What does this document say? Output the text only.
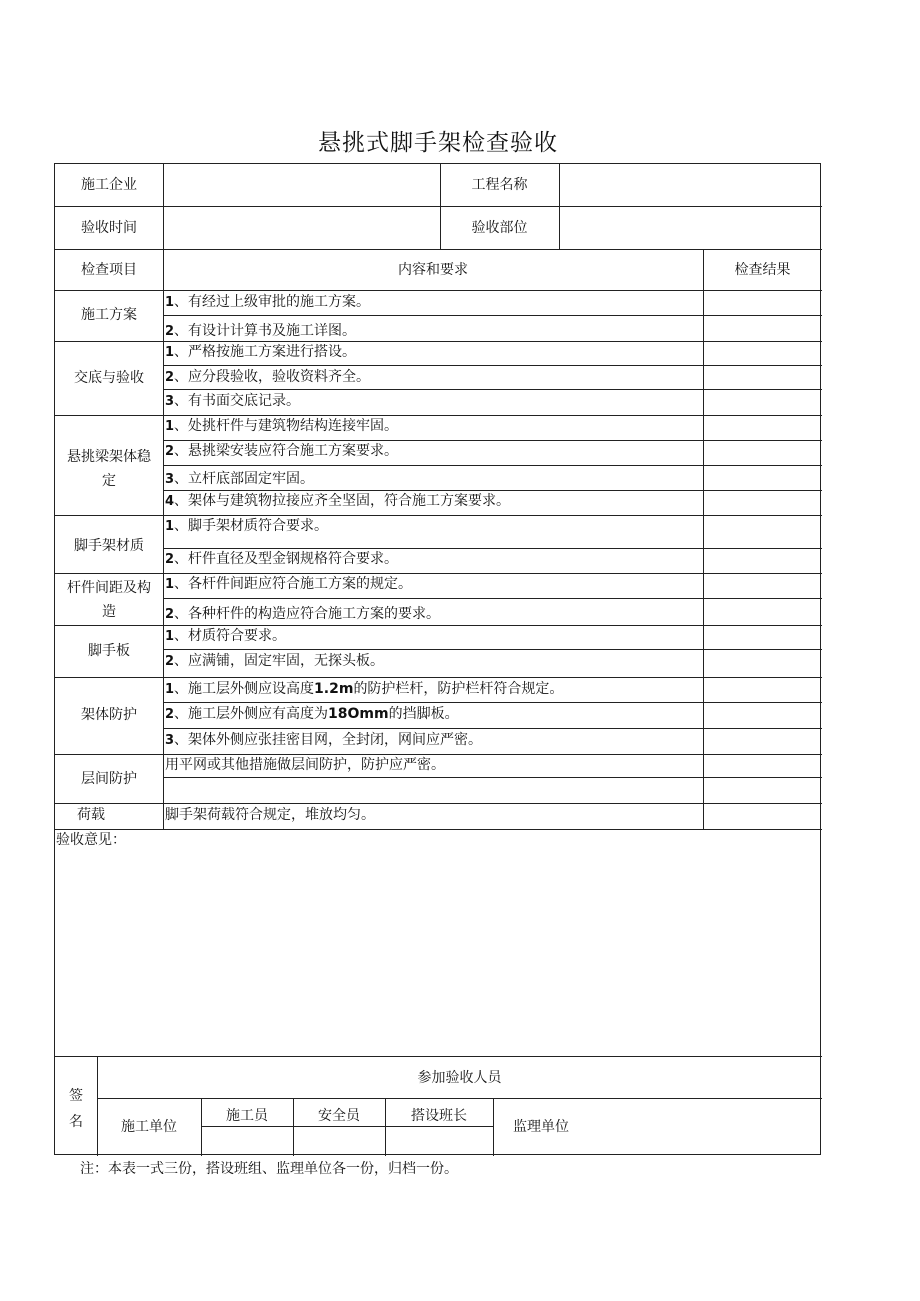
悬挑式脚手架检查验收
施工企业	工程名称
验收时间	验收部位
检查项目	内容和要求	检查结果
施工方案
1、有经过上级审批的施工方案。
2、有设计计算书及施工详图。
交底与验收
1、严格按施工方案进行搭设。
2、应分段验收，验收资料齐全。
3、有书面交底记录。
悬挑梁架体稳
定
1、处挑杆件与建筑物结构连接牢固。
2、悬挑梁安装应符合施工方案要求。
3、立杆底部固定牢固。
4、架体与建筑物拉接应齐全坚固，符合施工方案要求。
脚手架材质
1、脚手架材质符合要求。
2、杆件直径及型金钢规格符合要求。
杆件间距及构
造
1、各杆件间距应符合施工方案的规定。
2、各种杆件的构造应符合施工方案的要求。
脚手板
1、材质符合要求。
2、应满铺，固定牢固，无探头板。
架体防护
1、施工层外侧应设高度1.2m的防护栏杆，防护栏杆符合规定。
2、施工层外侧应有高度为18Omm的挡脚板。
3、架体外侧应张挂密目网，全封闭，网间应严密。
层间防护
用平网或其他措施做层间防护，防护应严密。
荷载	脚手架荷载符合规定，堆放均匀。
验收意见：
签
名
参加验收人员
施工单位
施工员	安全员	搭设班长
监理单位
注：本表一式三份，搭设班组、监理单位各一份，归档一份。
